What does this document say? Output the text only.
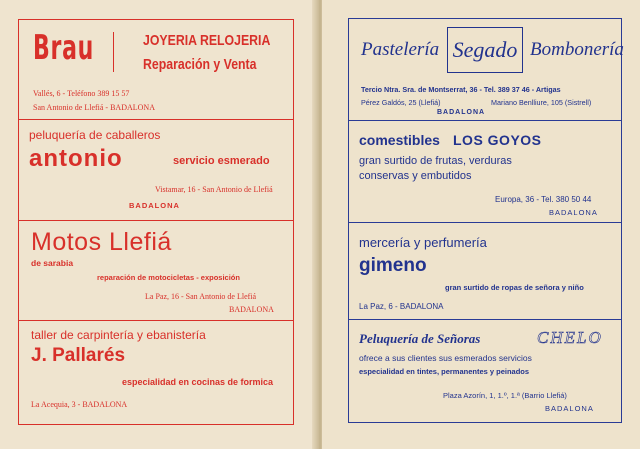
Brau	JOYERIA RELOJERIA
Reparación y Venta
Vallés, 6 - Teléfono 389 15 57
San Antonio de Llefiá - BADALONA
peluquería de caballeros
antonio	servicio esmerado
Vistamar, 16 - San Antonio de Llefiá
BADALONA
Motos Llefiá
de sarabia
reparación de motocicletas - exposición
La Paz, 16 - San Antonio de Llefiá
BADALONA
taller de carpintería y ebanistería
J. Pallarés
especialidad en cocinas de formica
La Acequia, 3 - BADALONA
Pastelería Segado Bombonería
Tercio Ntra. Sra. de Montserrat, 36 - Tel. 389 37 46 - Artigas
Pérez Galdós, 25 (Llefiá)	Mariano Benlliure, 105 (Sistrell)
BADALONA
comestibles LOS GOYOS
gran surtido de frutas, verduras
conservas y embutidos
Europa, 36 - Tel. 380 50 44
BADALONA
mercería y perfumería
gimeno
gran surtido de ropas de señora y niño
La Paz, 6 - BADALONA
Peluquería de Señoras	CHELO
ofrece a sus clientes sus esmerados servicios
especialidad en tintes, permanentes y peinados
Plaza Azorín, 1, 1.º, 1.ª (Barrio Llefiá)
BADALONA
